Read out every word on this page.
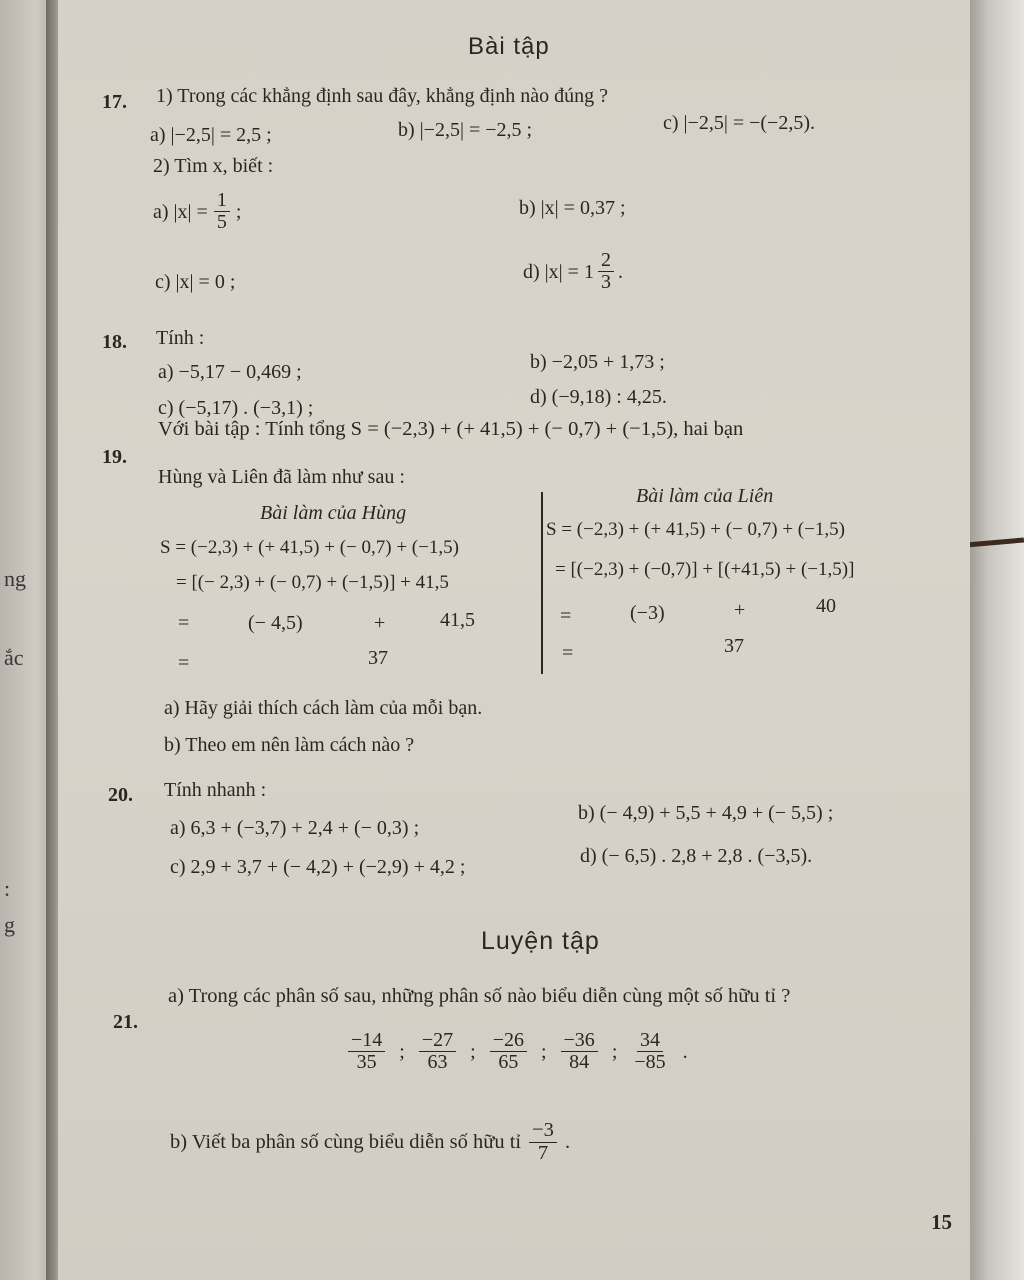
ng
ắc
:
g
Bài tập
17. 1) Trong các khẳng định sau đây, khẳng định nào đúng ?
a) |−2,5| = 2,5 ;	b) |−2,5| = −2,5 ;	c) |−2,5| = −(−2,5).
2) Tìm x, biết :
a) $|x| = \frac{1}{5}$ ;	b) |x| = 0,37 ;
c) |x| = 0 ;	d) $|x| = 1 \frac{2}{3}$ .
18. Tính :
a) −5,17 − 0,469 ;	b) −2,05 + 1,73 ;
c) (−5,17) . (−3,1) ;	d) (−9,18) : 4,25.
19.
Với bài tập : Tính tổng S = (−2,3) + (+ 41,5) + (− 0,7) + (−1,5), hai bạn
Hùng và Liên đã làm như sau :
Bài làm của Hùng
S = (−2,3) + (+ 41,5) + (− 0,7) + (−1,5)
= [(− 2,3) + (− 0,7) + (−1,5)] + 41,5
=	(− 4,5)	+	41,5
=	37
Bài làm của Liên
S = (−2,3) + (+ 41,5) + (− 0,7) + (−1,5)
= [(−2,3) + (−0,7)] + [(+41,5) + (−1,5)]
=	(−3)	+	40
=	37
a) Hãy giải thích cách làm của mỗi bạn.
b) Theo em nên làm cách nào ?
20. Tính nhanh :
a) 6,3 + (−3,7) + 2,4 + (− 0,3) ;
b) (− 4,9) + 5,5 + 4,9 + (− 5,5) ;
c) 2,9 + 3,7 + (− 4,2) + (−2,9) + 4,2 ;	d) (− 6,5) . 2,8 + 2,8 . (−3,5).
Luyện tập
21.
a) Trong các phân số sau, những phân số nào biểu diễn cùng một số hữu tỉ ?
$\frac{-14}{35}$ ; $\frac{-27}{63}$ ; $\frac{-26}{65}$ ; $\frac{-36}{84}$ ; $\frac{34}{-85}$ .
b) Viết ba phân số cùng biểu diễn số hữu tỉ $\frac{-3}{7}$ .
15
